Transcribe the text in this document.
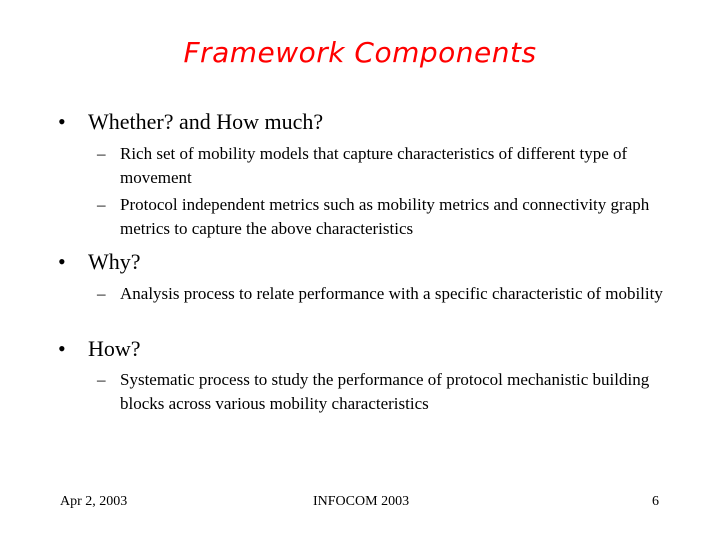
Framework Components
• Whether? and How much?
– Rich set of mobility models that capture characteristics of different type of movement
– Protocol independent metrics such as mobility metrics and connectivity graph metrics to capture the above characteristics
• Why?
– Analysis process to relate performance with a specific characteristic of mobility
• How?
– Systematic process to study the performance of protocol mechanistic building blocks across various mobility characteristics
Apr 2, 2003	INFOCOM 2003	6
